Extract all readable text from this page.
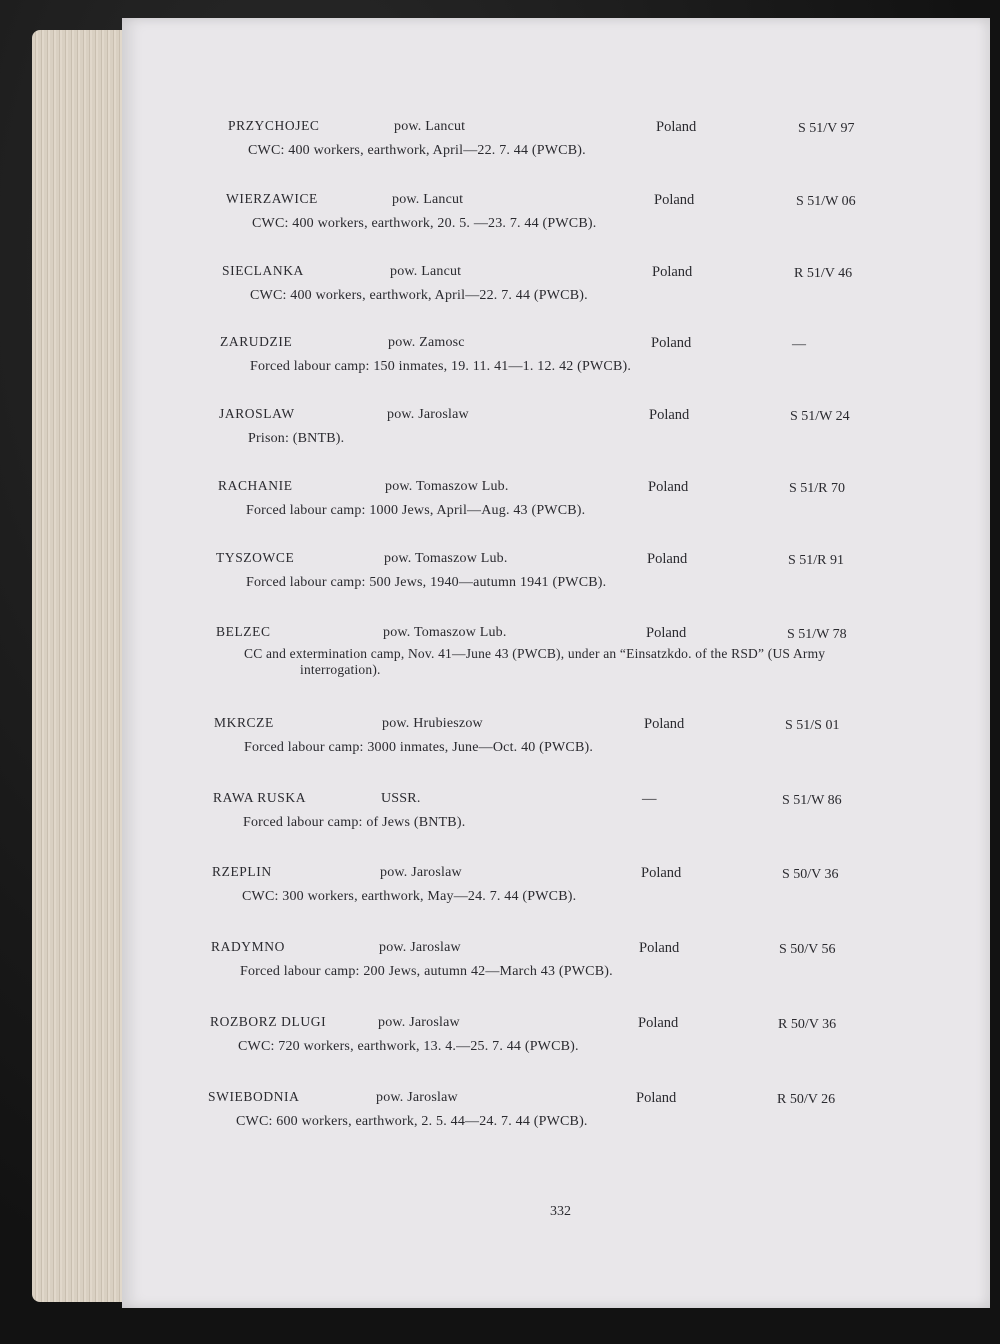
PRZYCHOJEC	pow. Lancut	Poland	S 51/V 97
CWC: 400 workers, earthwork, April—22. 7. 44 (PWCB).
WIERZAWICE	pow. Lancut	Poland	S 51/W 06
CWC: 400 workers, earthwork, 20. 5. —23. 7. 44 (PWCB).
SIECLANKA	pow. Lancut	Poland	R 51/V 46
CWC: 400 workers, earthwork, April—22. 7. 44 (PWCB).
ZARUDZIE	pow. Zamosc	Poland	—
Forced labour camp: 150 inmates, 19. 11. 41—1. 12. 42 (PWCB).
JAROSLAW	pow. Jaroslaw	Poland	S 51/W 24
Prison: (BNTB).
RACHANIE	pow. Tomaszow Lub.	Poland	S 51/R 70
Forced labour camp: 1000 Jews, April—Aug. 43 (PWCB).
TYSZOWCE	pow. Tomaszow Lub.	Poland	S 51/R 91
Forced labour camp: 500 Jews, 1940—autumn 1941 (PWCB).
BELZEC	pow. Tomaszow Lub.	Poland	S 51/W 78
CC and extermination camp, Nov. 41—June 43 (PWCB), under an “Einsatzkdo. of the RSD” (US Army
interrogation).
MKRCZE	pow. Hrubieszow	Poland	S 51/S 01
Forced labour camp: 3000 inmates, June—Oct. 40 (PWCB).
RAWA RUSKA	USSR.	—	S 51/W 86
Forced labour camp: of Jews (BNTB).
RZEPLIN	pow. Jaroslaw	Poland	S 50/V 36
CWC: 300 workers, earthwork, May—24. 7. 44 (PWCB).
RADYMNO	pow. Jaroslaw	Poland	S 50/V 56
Forced labour camp: 200 Jews, autumn 42—March 43 (PWCB).
ROZBORZ DLUGI	pow. Jaroslaw	Poland	R 50/V 36
CWC: 720 workers, earthwork, 13. 4.—25. 7. 44 (PWCB).
SWIEBODNIA	pow. Jaroslaw	Poland	R 50/V 26
CWC: 600 workers, earthwork, 2. 5. 44—24. 7. 44 (PWCB).
332
